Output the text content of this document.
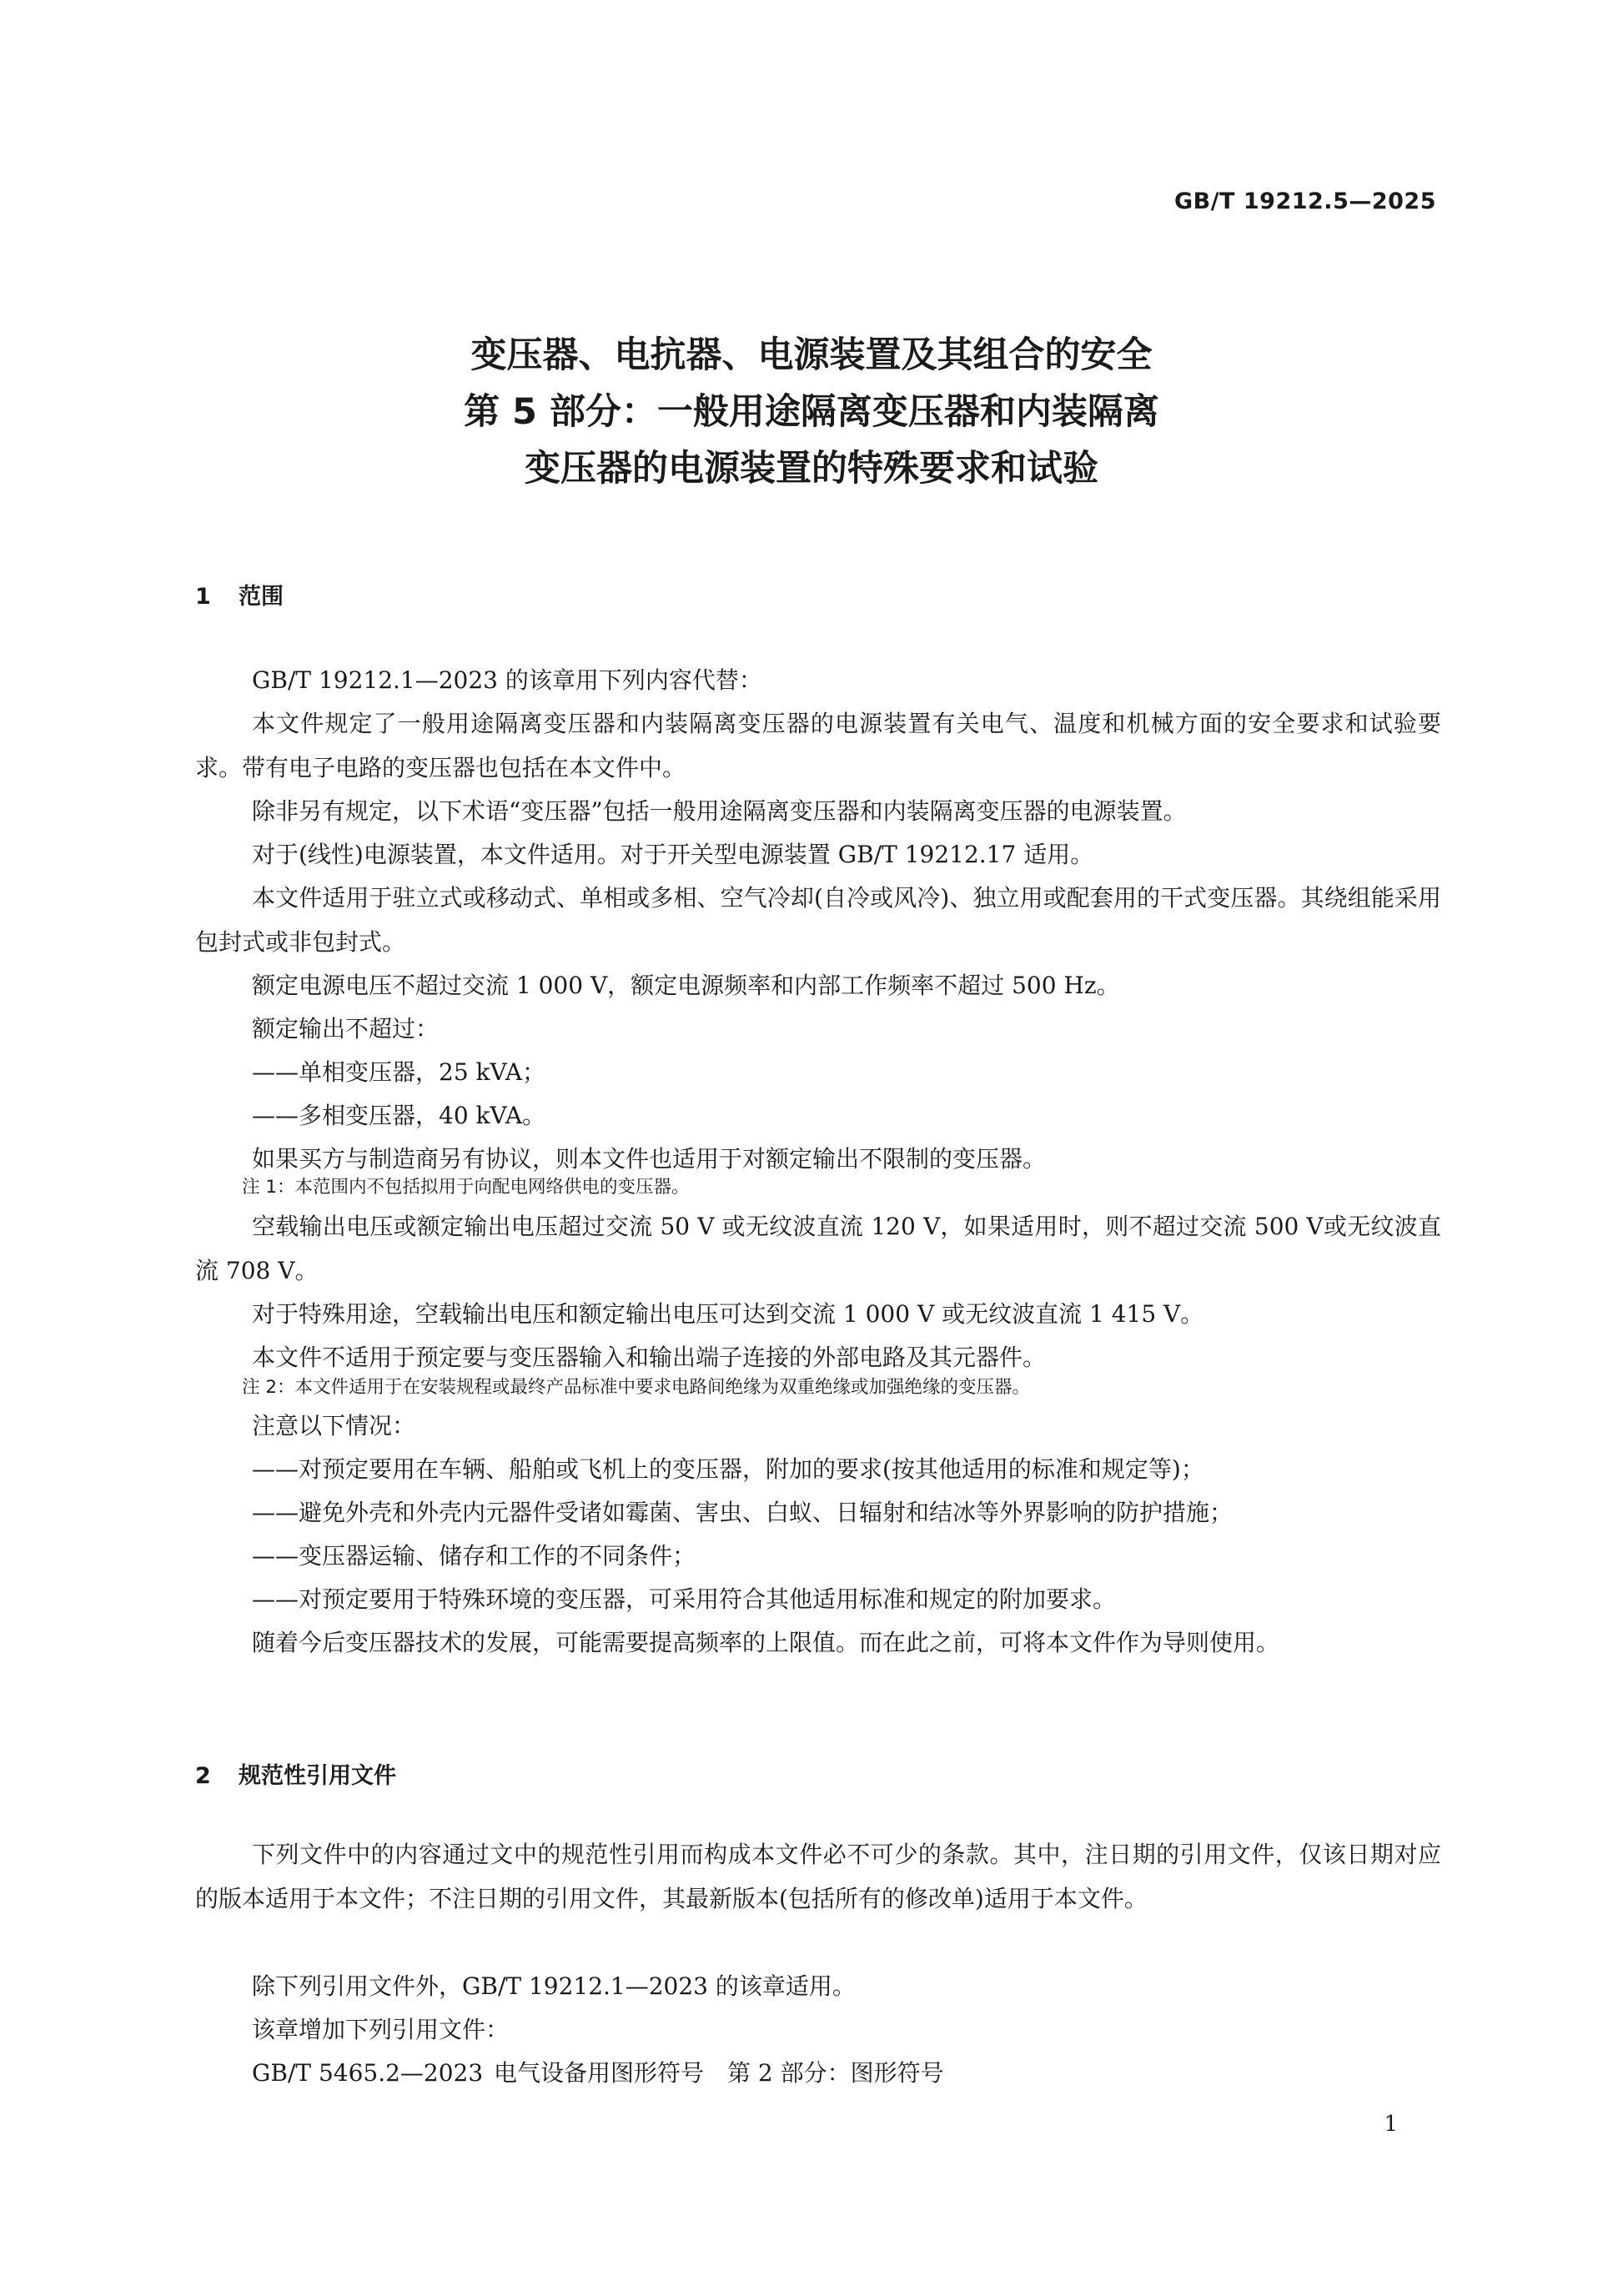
GB/T 19212.5—2025
变压器、电抗器、电源装置及其组合的安全
第 5 部分：一般用途隔离变压器和内装隔离
变压器的电源装置的特殊要求和试验
1 范围

GB/T 19212.1—2023 的该章用下列内容代替：

本文件规定了一般用途隔离变压器和内装隔离变压器的电源装置有关电气、温度和机械方面的安全要求和试验要求。带有电子电路的变压器也包括在本文件中。

除非另有规定，以下术语“变压器”包括一般用途隔离变压器和内装隔离变压器的电源装置。

对于(线性)电源装置，本文件适用。对于开关型电源装置 GB/T 19212.17 适用。

本文件适用于驻立式或移动式、单相或多相、空气冷却(自冷或风冷)、独立用或配套用的干式变压器。其绕组能采用包封式或非包封式。

额定电源电压不超过交流 1 000 V，额定电源频率和内部工作频率不超过 500 Hz。

额定输出不超过：

——单相变压器，25 kVA；

——多相变压器，40 kVA。

如果买方与制造商另有协议，则本文件也适用于对额定输出不限制的变压器。

注 1：本范围内不包括拟用于向配电网络供电的变压器。

空载输出电压或额定输出电压超过交流 50 V 或无纹波直流 120 V，如果适用时，则不超过交流 500 V或无纹波直流 708 V。

对于特殊用途，空载输出电压和额定输出电压可达到交流 1 000 V 或无纹波直流 1 415 V。

本文件不适用于预定要与变压器输入和输出端子连接的外部电路及其元器件。

注 2：本文件适用于在安装规程或最终产品标准中要求电路间绝缘为双重绝缘或加强绝缘的变压器。

注意以下情况：

——对预定要用在车辆、船舶或飞机上的变压器，附加的要求(按其他适用的标准和规定等)；

——避免外壳和外壳内元器件受诸如霉菌、害虫、白蚁、日辐射和结冰等外界影响的防护措施；

——变压器运输、储存和工作的不同条件；

——对预定要用于特殊环境的变压器，可采用符合其他适用标准和规定的附加要求。

随着今后变压器技术的发展，可能需要提高频率的上限值。而在此之前，可将本文件作为导则使用。

2 规范性引用文件

下列文件中的内容通过文中的规范性引用而构成本文件必不可少的条款。其中，注日期的引用文件，仅该日期对应的版本适用于本文件；不注日期的引用文件，其最新版本(包括所有的修改单)适用于本文件。

除下列引用文件外，GB/T 19212.1—2023 的该章适用。

该章增加下列引用文件：

GB/T 5465.2—2023 电气设备用图形符号　第 2 部分：图形符号

1
